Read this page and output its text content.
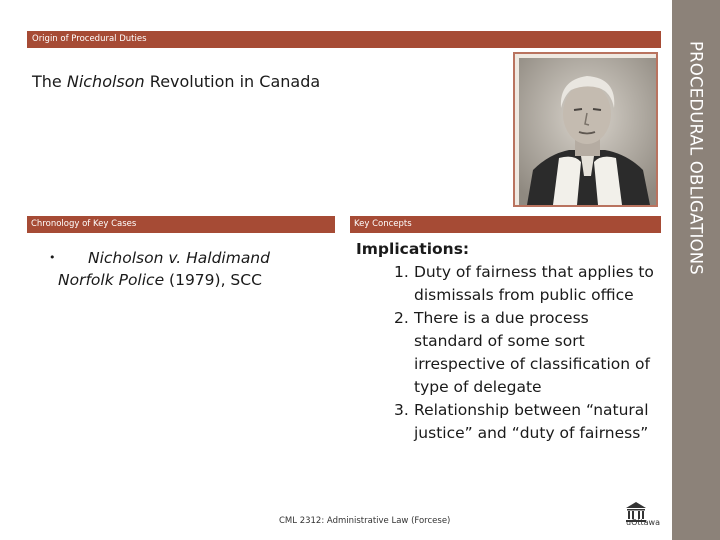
PROCEDURAL OBLIGATIONS
Origin of Procedural Duties
The Nicholson Revolution in Canada
Chronology of Key Cases	Key Concepts
•	Nicholson v. Haldimand Norfolk Police (1979), SCC
Implications:
1. Duty of fairness that applies to dismissals from public office
2. There is a due process standard of some sort irrespective of classification of type of delegate
3. Relationship between “natural justice” and “duty of fairness”
CML 2312: Administrative Law (Forcese)	uOttawa
